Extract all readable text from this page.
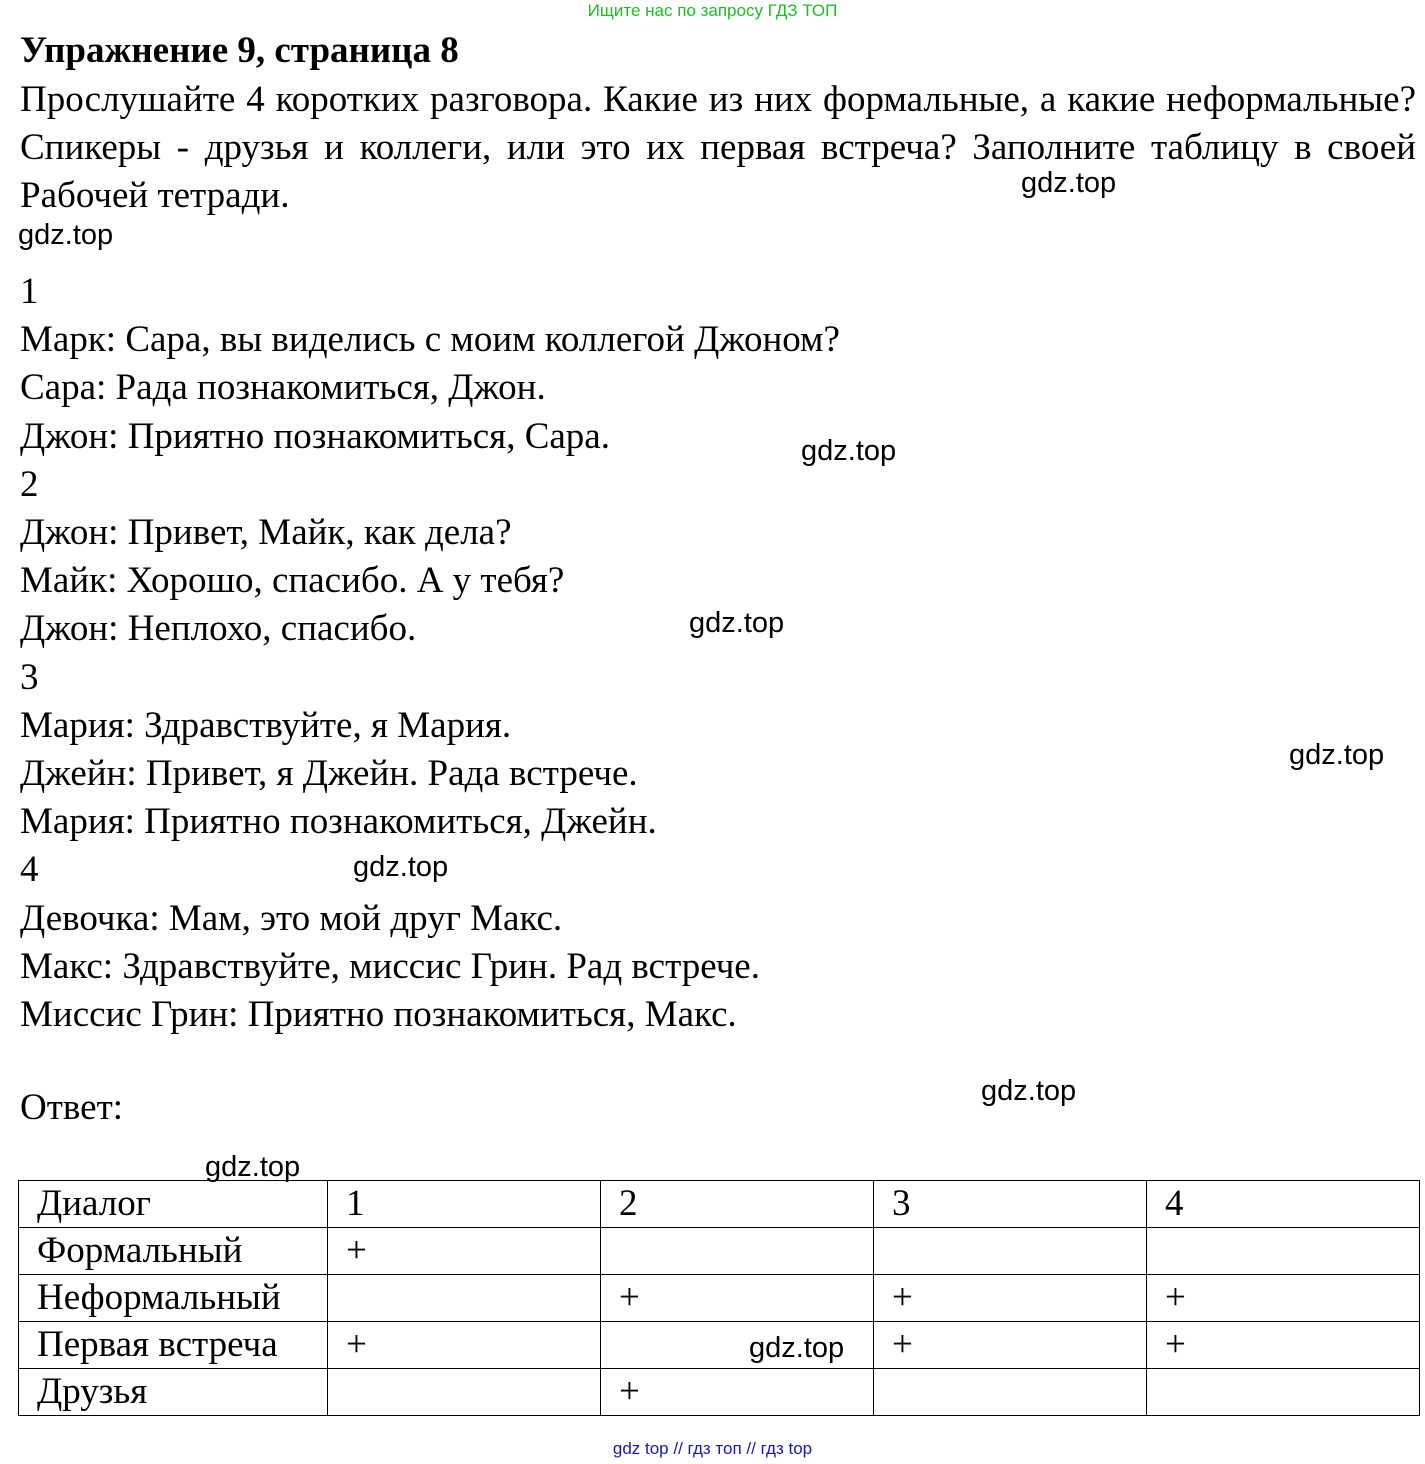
Ищите нас по запросу ГДЗ ТОП
Упражнение 9, страница 8

Прослушайте 4 коротких разговора. Какие из них формальные, а какие неформальные? Спикеры - друзья и коллеги, или это их первая встреча? Заполните таблицу в своей Рабочей тетради.

1
Марк: Сара, вы виделись с моим коллегой Джоном?
Сара: Рада познакомиться, Джон.
Джон: Приятно познакомиться, Сара.
2
Джон: Привет, Майк, как дела?
Майк: Хорошо, спасибо. А у тебя?
Джон: Неплохо, спасибо.
3
Мария: Здравствуйте, я Мария.
Джейн: Привет, я Джейн. Рада встрече.
Мария: Приятно познакомиться, Джейн.
4
Девочка: Мам, это мой друг Макс.
Макс: Здравствуйте, миссис Грин. Рад встрече.
Миссис Грин: Приятно познакомиться, Макс.
Ответ:
Диалог	1	2	3	4
Формальный	+			
Неформальный		+	+	+
Первая встреча	+		+	+
Друзья		+		
gdz.top
gdz.top
gdz.top
gdz.top
gdz.top
gdz.top
gdz.top
gdz.top
gdz.top
gdz top // гдз топ // гдз top
